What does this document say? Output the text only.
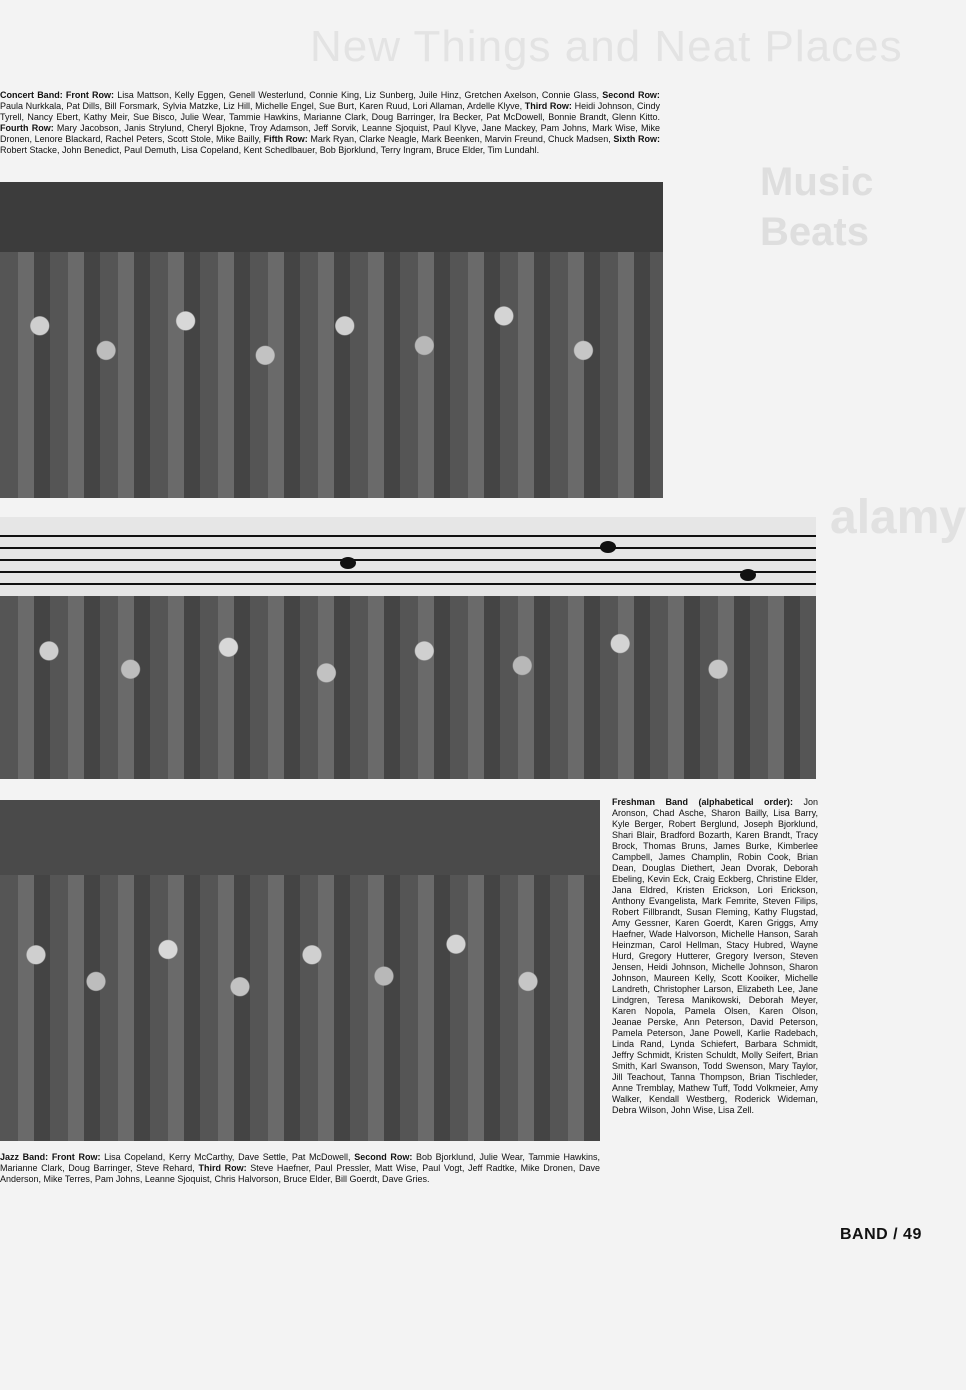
New Things and Neat Places
Music
Beats
Concert Band: Front Row: Lisa Mattson, Kelly Eggen, Genell Westerlund, Connie King, Liz Sunberg, Juile Hinz, Gretchen Axelson, Connie Glass, Second Row: Paula Nurkkala, Pat Dills, Bill Forsmark, Sylvia Matzke, Liz Hill, Michelle Engel, Sue Burt, Karen Ruud, Lori Allaman, Ardelle Klyve, Third Row: Heidi Johnson, Cindy Tyrell, Nancy Ebert, Kathy Meir, Sue Bisco, Julie Wear, Tammie Hawkins, Marianne Clark, Doug Barringer, Ira Becker, Pat McDowell, Bonnie Brandt, Glenn Kitto. Fourth Row: Mary Jacobson, Janis Strylund, Cheryl Bjokne, Troy Adamson, Jeff Sorvik, Leanne Sjoquist, Paul Klyve, Jane Mackey, Pam Johns, Mark Wise, Mike Dronen, Lenore Blackard, Rachel Peters, Scott Stole, Mike Bailly, Fifth Row: Mark Ryan, Clarke Neagle, Mark Beenken, Marvin Freund, Chuck Madsen, Sixth Row: Robert Stacke, John Benedict, Paul Demuth, Lisa Copeland, Kent Schedlbauer, Bob Bjorklund, Terry Ingram, Bruce Elder, Tim Lundahl.
Freshman Band (alphabetical order): Jon Aronson, Chad Asche, Sharon Bailly, Lisa Barry, Kyle Berger, Robert Berglund, Joseph Bjorklund, Shari Blair, Bradford Bozarth, Karen Brandt, Tracy Brock, Thomas Bruns, James Burke, Kimberlee Campbell, James Champlin, Robin Cook, Brian Dean, Douglas Diethert, Jean Dvorak, Deborah Ebeling, Kevin Eck, Craig Eckberg, Christine Elder, Jana Eldred, Kristen Erickson, Lori Erickson, Anthony Evangelista, Mark Femrite, Steven Filips, Robert Fillbrandt, Susan Fleming, Kathy Flugstad, Amy Gessner, Karen Goerdt, Karen Griggs, Amy Haefner, Wade Halvorson, Michelle Hanson, Sarah Heinzman, Carol Hellman, Stacy Hubred, Wayne Hurd, Gregory Hutterer, Gregory Iverson, Steven Jensen, Heidi Johnson, Michelle Johnson, Sharon Johnson, Maureen Kelly, Scott Kooiker, Michelle Landreth, Christopher Larson, Elizabeth Lee, Jane Lindgren, Teresa Manikowski, Deborah Meyer, Karen Nopola, Pamela Olsen, Karen Olson, Jeanae Perske, Ann Peterson, David Peterson, Pamela Peterson, Jane Powell, Karlie Radebach, Linda Rand, Lynda Schiefert, Barbara Schmidt, Jeffry Schmidt, Kristen Schuldt, Molly Seifert, Brian Smith, Karl Swanson, Todd Swenson, Mary Taylor, Jill Teachout, Tanna Thompson, Brian Tischleder, Anne Tremblay, Mathew Tuff, Todd Volkmeier, Amy Walker, Kendall Westberg, Roderick Wideman, Debra Wilson, John Wise, Lisa Zell.
Jazz Band: Front Row: Lisa Copeland, Kerry McCarthy, Dave Settle, Pat McDowell, Second Row: Bob Bjorklund, Julie Wear, Tammie Hawkins, Marianne Clark, Doug Barringer, Steve Rehard, Third Row: Steve Haefner, Paul Pressler, Matt Wise, Paul Vogt, Jeff Radtke, Mike Dronen, Dave Anderson, Mike Terres, Pam Johns, Leanne Sjoquist, Chris Halvorson, Bruce Elder, Bill Goerdt, Dave Gries.
BAND / 49
alamy
